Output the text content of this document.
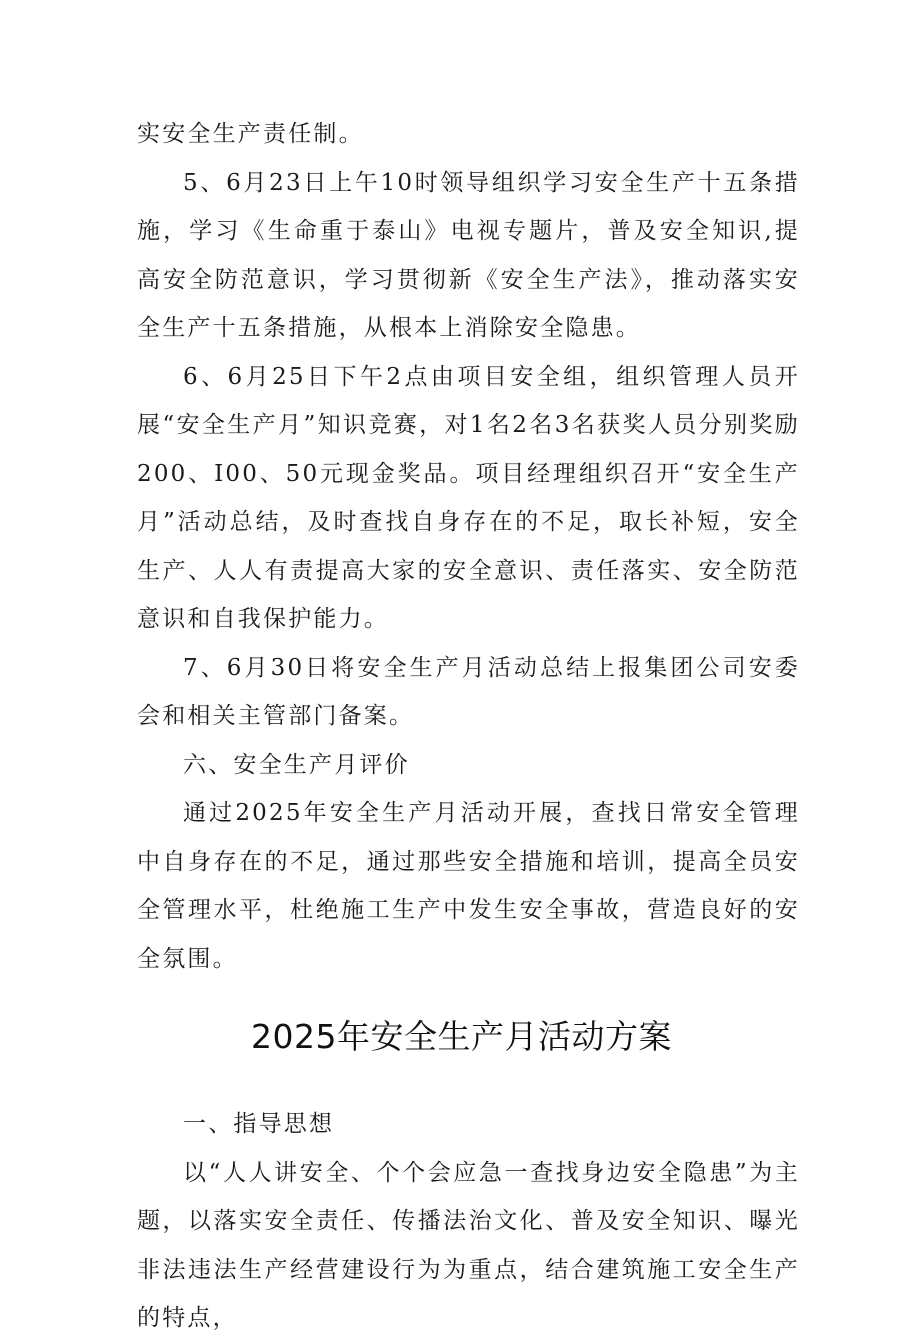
实安全生产责任制。

5、6月23日上午10时领导组织学习安全生产十五条措施，学习《生命重于泰山》电视专题片，普及安全知识,提高安全防范意识，学习贯彻新《安全生产法》，推动落实安全生产十五条措施，从根本上消除安全隐患。

6、6月25日下午2点由项目安全组，组织管理人员开展“安全生产月”知识竞赛，对1名2名3名获奖人员分别奖励200、I00、50元现金奖品。项目经理组织召开“安全生产月”活动总结，及时查找自身存在的不足，取长补短，安全生产、人人有责提高大家的安全意识、责任落实、安全防范意识和自我保护能力。

7、6月30日将安全生产月活动总结上报集团公司安委会和相关主管部门备案。

六、安全生产月评价

通过2025年安全生产月活动开展，查找日常安全管理中自身存在的不足，通过那些安全措施和培训，提高全员安全管理水平，杜绝施工生产中发生安全事故，营造良好的安全氛围。

2025年安全生产月活动方案

一、指导思想

以“人人讲安全、个个会应急一查找身边安全隐患”为主题，以落实安全责任、传播法治文化、普及安全知识、曝光非法违法生产经营建设行为为重点，结合建筑施工安全生产的特点，
